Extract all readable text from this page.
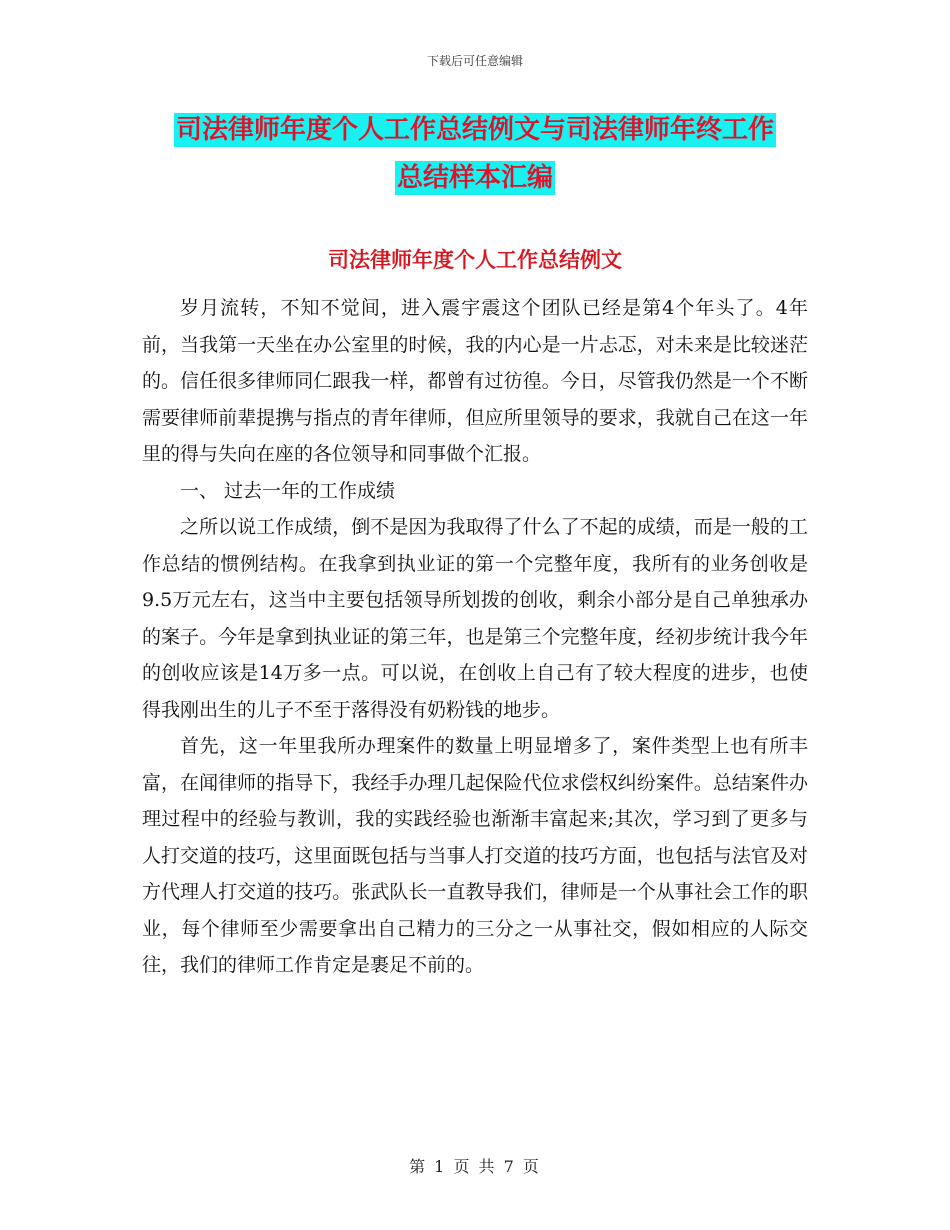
下载后可任意编辑
司法律师年度个人工作总结例文与司法律师年终工作
总结样本汇编
司法律师年度个人工作总结例文

岁月流转，不知不觉间，进入震宇震这个团队已经是第4个年头了。4年前，当我第一天坐在办公室里的时候，我的内心是一片忐忑，对未来是比较迷茫的。信任很多律师同仁跟我一样，都曾有过彷徨。今日，尽管我仍然是一个不断需要律师前辈提携与指点的青年律师，但应所里领导的要求，我就自己在这一年里的得与失向在座的各位领导和同事做个汇报。

一、 过去一年的工作成绩

之所以说工作成绩，倒不是因为我取得了什么了不起的成绩，而是一般的工作总结的惯例结构。在我拿到执业证的第一个完整年度，我所有的业务创收是9.5万元左右，这当中主要包括领导所划拨的创收，剩余小部分是自己单独承办的案子。今年是拿到执业证的第三年，也是第三个完整年度，经初步统计我今年的创收应该是14万多一点。可以说，在创收上自己有了较大程度的进步，也使得我刚出生的儿子不至于落得没有奶粉钱的地步。

首先，这一年里我所办理案件的数量上明显增多了，案件类型上也有所丰富，在闻律师的指导下，我经手办理几起保险代位求偿权纠纷案件。总结案件办理过程中的经验与教训，我的实践经验也渐渐丰富起来;其次，学习到了更多与人打交道的技巧，这里面既包括与当事人打交道的技巧方面，也包括与法官及对方代理人打交道的技巧。张武队长一直教导我们，律师是一个从事社会工作的职业，每个律师至少需要拿出自己精力的三分之一从事社交，假如相应的人际交往，我们的律师工作肯定是裹足不前的。

第 1 页 共 7 页
